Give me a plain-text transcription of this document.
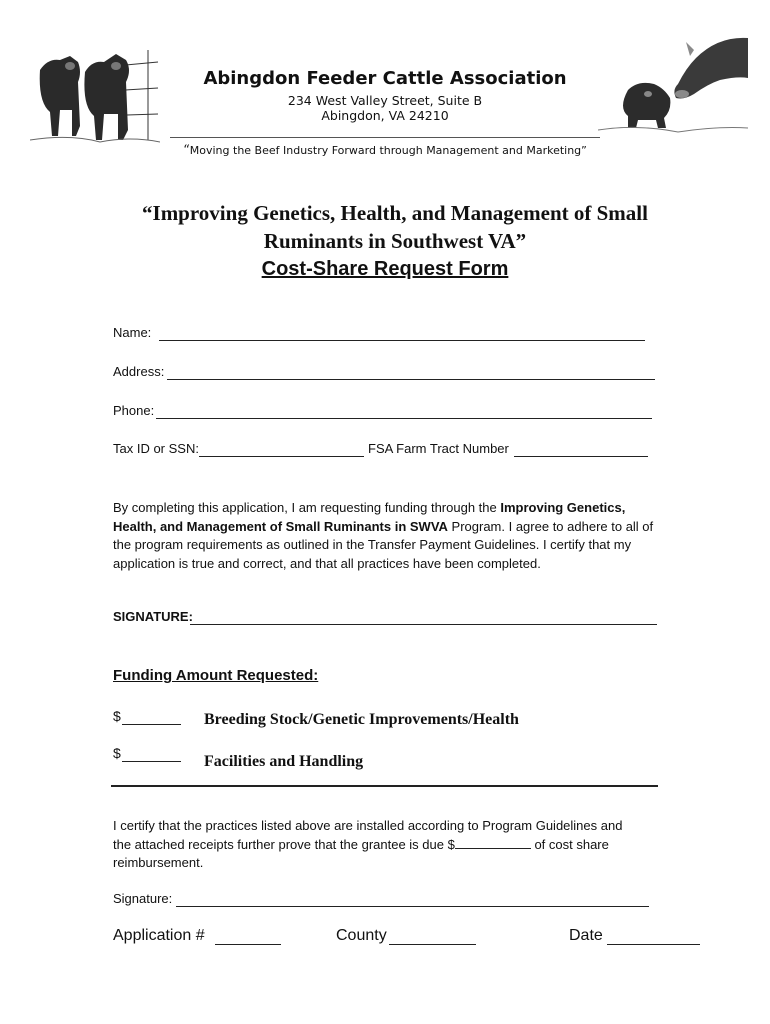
Abingdon Feeder Cattle Association
234 West Valley Street, Suite B
Abingdon, VA 24210
“Moving the Beef Industry Forward through Management and Marketing”
“Improving Genetics, Health, and Management of Small
Ruminants in Southwest VA”
Cost-Share Request Form
Name:
Address:
Phone:
Tax ID or SSN:	FSA Farm Tract Number
By completing this application, I am requesting funding through the Improving Genetics, Health, and Management of Small Ruminants in SWVA Program. I agree to adhere to all of the program requirements as outlined in the Transfer Payment Guidelines. I certify that my application is true and correct, and that all practices have been completed.
SIGNATURE:
Funding Amount Requested:
$	Breeding Stock/Genetic Improvements/Health
$	Facilities and Handling
I certify that the practices listed above are installed according to Program Guidelines and the attached receipts further prove that the grantee is due $	of cost share reimbursement.
Signature:
Application #	County	Date
